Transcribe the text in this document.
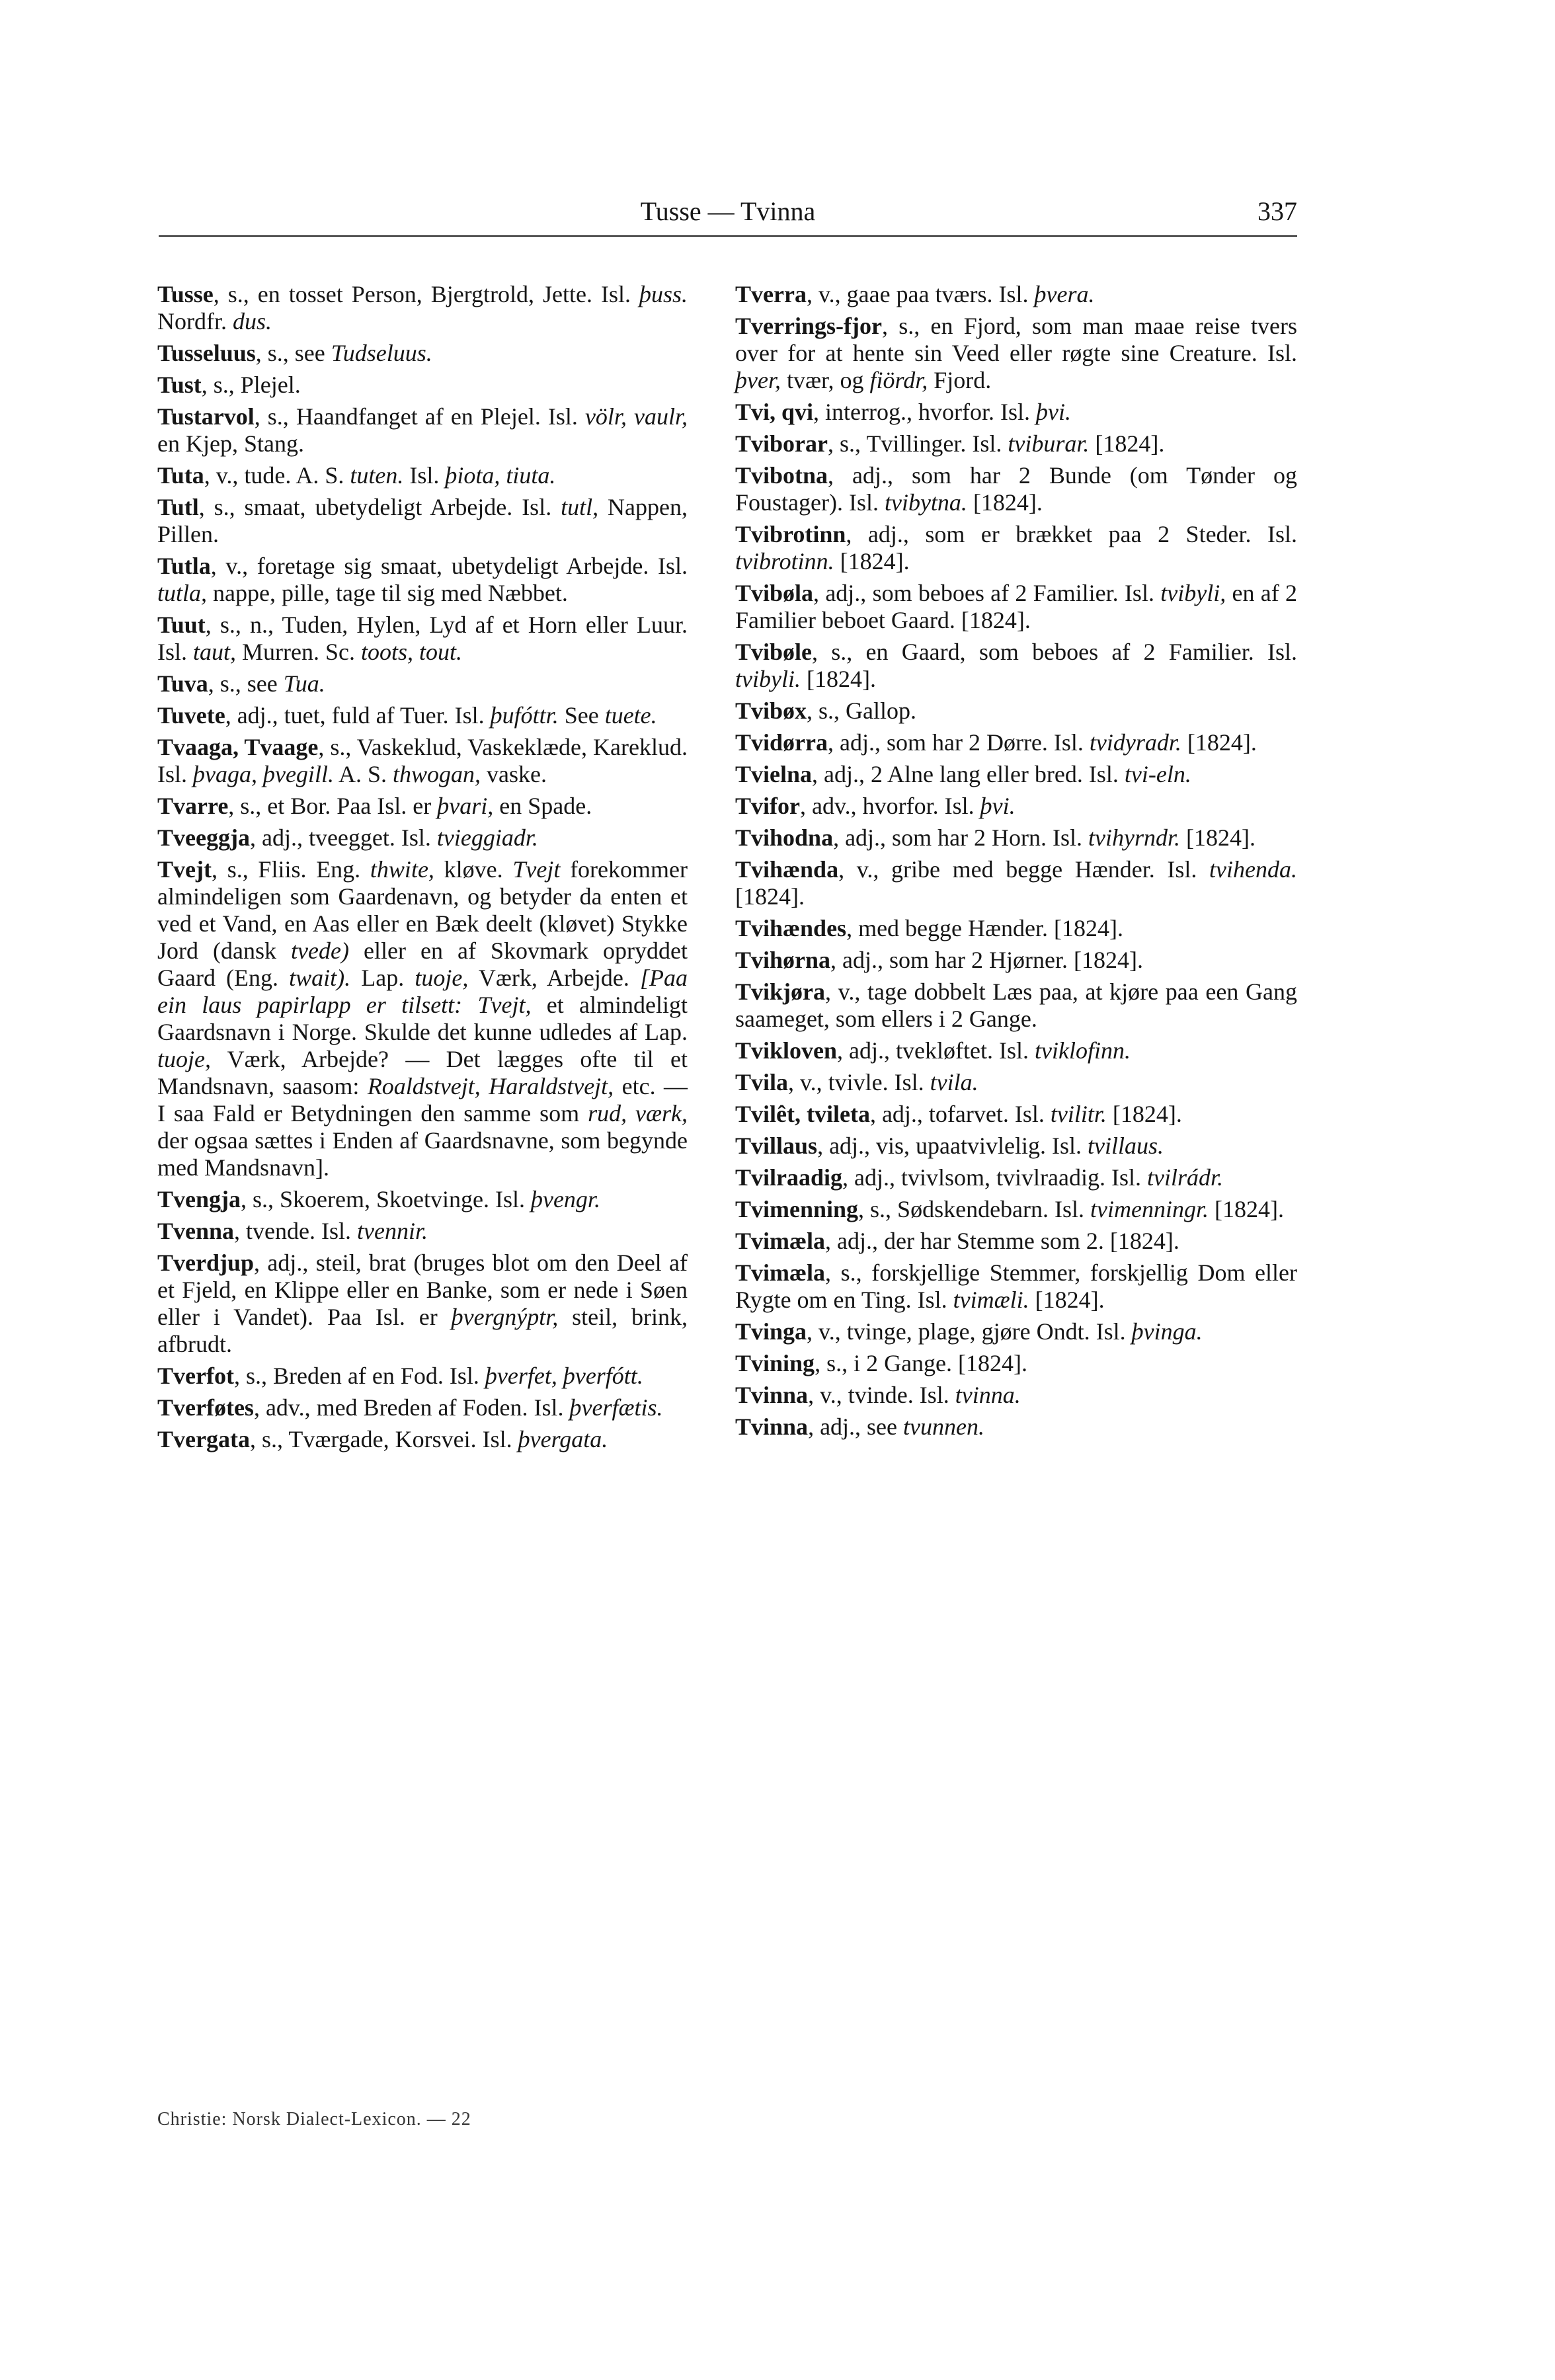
Tusse — Tvinna	337

Tusse, s., en tosset Person, Bjergtrold, Jette. Isl. þuss. Nordfr. dus.

Tusseluus, s., see Tudseluus.

Tust, s., Plejel.

Tustarvol, s., Haandfanget af en Plejel. Isl. völr, vaulr, en Kjep, Stang.

Tuta, v., tude. A. S. tuten. Isl. þiota, tiuta.

Tutl, s., smaat, ubetydeligt Arbejde. Isl. tutl, Nappen, Pillen.

Tutla, v., foretage sig smaat, ubetydeligt Arbejde. Isl. tutla, nappe, pille, tage til sig med Næbbet.

Tuut, s., n., Tuden, Hylen, Lyd af et Horn eller Luur. Isl. taut, Murren. Sc. toots, tout.

Tuva, s., see Tua.

Tuvete, adj., tuet, fuld af Tuer. Isl. þufóttr. See tuete.

Tvaaga, Tvaage, s., Vaskeklud, Vaskeklæde, Kareklud. Isl. þvaga, þvegill. A. S. thwogan, vaske.

Tvarre, s., et Bor. Paa Isl. er þvari, en Spade.

Tveeggja, adj., tveegget. Isl. tvieggiadr.

Tvejt, s., Fliis. Eng. thwite, kløve. Tvejt forekommer almindeligen som Gaardenavn, og betyder da enten et ved et Vand, en Aas eller en Bæk deelt (kløvet) Stykke Jord (dansk tvede) eller en af Skovmark opryddet Gaard (Eng. twait). Lap. tuoje, Værk, Arbejde. [Paa ein laus papirlapp er tilsett: Tvejt, et almindeligt Gaardsnavn i Norge. Skulde det kunne udledes af Lap. tuoje, Værk, Arbejde? — Det lægges ofte til et Mandsnavn, saasom: Roaldstvejt, Haraldstvejt, etc. — I saa Fald er Betydningen den samme som rud, værk, der ogsaa sættes i Enden af Gaardsnavne, som begynde med Mandsnavn].

Tvengja, s., Skoerem, Skoetvinge. Isl. þvengr.

Tvenna, tvende. Isl. tvennir.

Tverdjup, adj., steil, brat (bruges blot om den Deel af et Fjeld, en Klippe eller en Banke, som er nede i Søen eller i Vandet). Paa Isl. er þvergnýptr, steil, brink, afbrudt.

Tverfot, s., Breden af en Fod. Isl. þverfet, þverfótt.

Tverføtes, adv., med Breden af Foden. Isl. þverfætis.

Tvergata, s., Tværgade, Korsvei. Isl. þvergata.

Tverra, v., gaae paa tværs. Isl. þvera.

Tverrings-fjor, s., en Fjord, som man maae reise tvers over for at hente sin Veed eller røgte sine Creature. Isl. þver, tvær, og fiördr, Fjord.

Tvi, qvi, interrog., hvorfor. Isl. þvi.

Tviborar, s., Tvillinger. Isl. tviburar. [1824].

Tvibotna, adj., som har 2 Bunde (om Tønder og Foustager). Isl. tvibytna. [1824].

Tvibrotinn, adj., som er brækket paa 2 Steder. Isl. tvibrotinn. [1824].

Tvibøla, adj., som beboes af 2 Familier. Isl. tvibyli, en af 2 Familier beboet Gaard. [1824].

Tvibøle, s., en Gaard, som beboes af 2 Familier. Isl. tvibyli. [1824].

Tvibøx, s., Gallop.

Tvidørra, adj., som har 2 Dørre. Isl. tvidyradr. [1824].

Tvielna, adj., 2 Alne lang eller bred. Isl. tvi-eln.

Tvifor, adv., hvorfor. Isl. þvi.

Tvihodna, adj., som har 2 Horn. Isl. tvihyrndr. [1824].

Tvihænda, v., gribe med begge Hænder. Isl. tvihenda. [1824].

Tvihændes, med begge Hænder. [1824].

Tvihørna, adj., som har 2 Hjørner. [1824].

Tvikjøra, v., tage dobbelt Læs paa, at kjøre paa een Gang saameget, som ellers i 2 Gange.

Tvikloven, adj., tvekløftet. Isl. tviklofinn.

Tvila, v., tvivle. Isl. tvila.

Tvilêt, tvileta, adj., tofarvet. Isl. tvilitr. [1824].

Tvillaus, adj., vis, upaatvivlelig. Isl. tvillaus.

Tvilraadig, adj., tvivlsom, tvivlraadig. Isl. tvilrádr.

Tvimenning, s., Sødskendebarn. Isl. tvimenningr. [1824].

Tvimæla, adj., der har Stemme som 2. [1824].

Tvimæla, s., forskjellige Stemmer, forskjellig Dom eller Rygte om en Ting. Isl. tvimæli. [1824].

Tvinga, v., tvinge, plage, gjøre Ondt. Isl. þvinga.

Tvining, s., i 2 Gange. [1824].

Tvinna, v., tvinde. Isl. tvinna.

Tvinna, adj., see tvunnen.

Christie: Norsk Dialect-Lexicon. — 22
